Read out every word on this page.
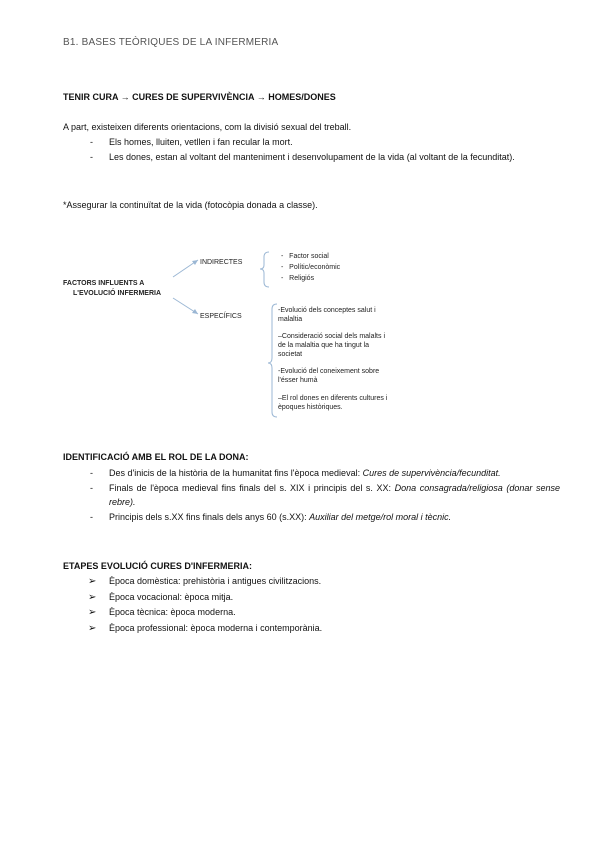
B1. BASES TEÒRIQUES DE LA INFERMERIA
TENIR CURA → CURES DE SUPERVIVÈNCIA → HOMES/DONES
A part, existeixen diferents orientacions, com la divisió sexual del treball.
- Els homes, lluiten, vetllen i fan recular la mort.
- Les dones, estan al voltant del manteniment i desenvolupament de la vida (al voltant de la fecunditat).
*Assegurar la continuïtat de la vida (fotocòpia donada a classe).
FACTORS INFLUENTS A
L'EVOLUCIÓ INFERMERIA
INDIRECTES
ESPECÍFICS
-   Factor social
-   Polític/econòmic
-   Religiós
-Evolució dels conceptes salut i
malaltia
–Consideració social dels malalts i
de la malaltia que ha tingut la
societat
-Evolució del coneixement sobre
l'ésser humà
–El rol dones en diferents cultures i
èpoques històriques.
IDENTIFICACIÓ AMB EL ROL DE LA DONA:
- Des d'inicis de la història de la humanitat fins l'època medieval: Cures de supervivència/fecunditat.
- Finals de l'època medieval fins finals del s. XIX i principis del s. XX: Dona consagrada/religiosa (donar sense rebre).
- Principis dels s.XX fins finals dels anys 60 (s.XX): Auxiliar del metge/rol moral i tècnic.
ETAPES EVOLUCIÓ CURES D'INFERMERIA:
➢ Època domèstica: prehistòria i antigues civilitzacions.
➢ Època vocacional: època mitja.
➢ Època tècnica: època moderna.
➢ Època professional: època moderna i contemporània.
